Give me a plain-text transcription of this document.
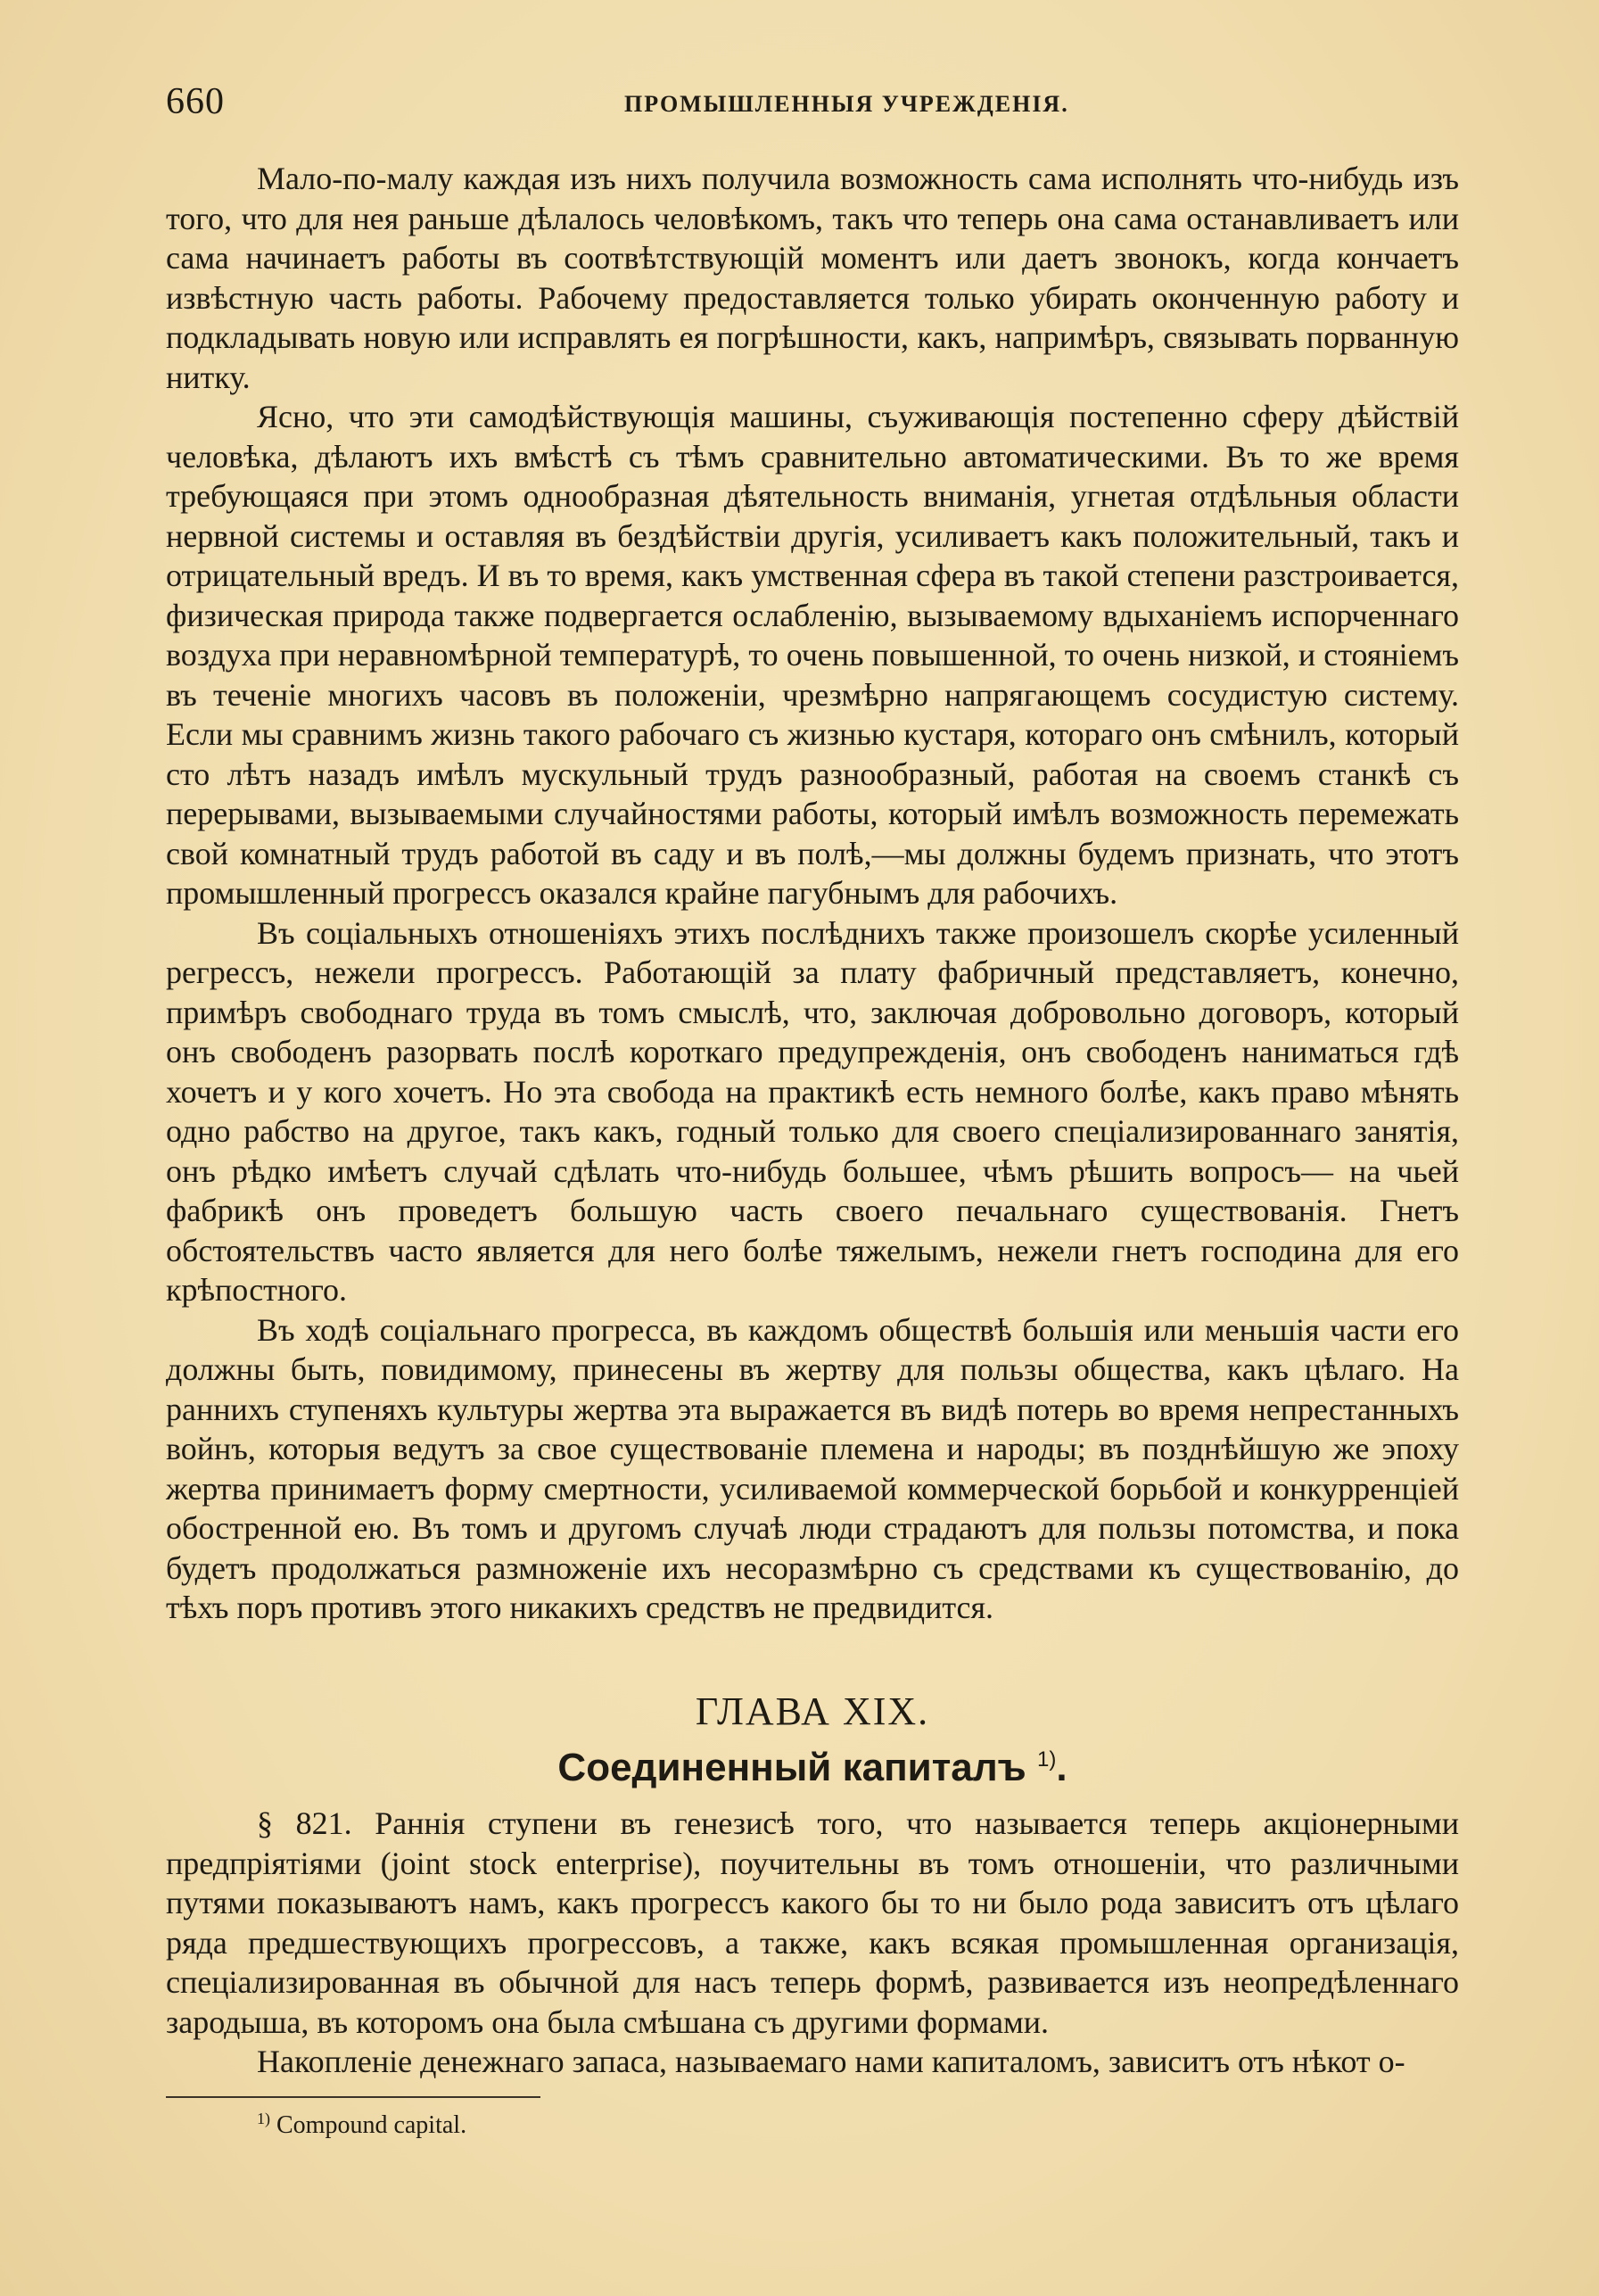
660	ПРОМЫШЛЕННЫЯ УЧРЕЖДЕНІЯ.

Мало-по-малу каждая изъ нихъ получила возможность сама исполнять что-нибудь изъ того, что для нея раньше дѣлалось человѣкомъ, такъ что теперь она сама останавливаетъ или сама начинаетъ работы въ соотвѣтствующій моментъ или даетъ звонокъ, когда кончаетъ извѣстную часть работы. Рабочему предоставляется только убирать оконченную работу и подкладывать новую или исправлять ея погрѣшности, какъ, напримѣръ, связывать порванную нитку.

Ясно, что эти самодѣйствующія машины, съуживающія постепенно сферу дѣйствій человѣка, дѣлаютъ ихъ вмѣстѣ съ тѣмъ сравнительно автоматическими. Въ то же время требующаяся при этомъ однообразная дѣятельность вниманія, угнетая отдѣльныя области нервной системы и оставляя въ бездѣйствіи другія, усиливаетъ какъ положительный, такъ и отрицательный вредъ. И въ то время, какъ умственная сфера въ такой степени разстроивается, физическая природа также подвергается ослабленію, вызываемому вдыханіемъ испорченнаго воздуха при неравномѣрной температурѣ, то очень повышенной, то очень низкой, и стояніемъ въ теченіе многихъ часовъ въ положеніи, чрезмѣрно напрягающемъ сосудистую систему. Если мы сравнимъ жизнь такого рабочаго съ жизнью кустаря, котораго онъ смѣнилъ, который сто лѣтъ назадъ имѣлъ мускульный трудъ разнообразный, работая на своемъ станкѣ съ перерывами, вызываемыми случайностями работы, который имѣлъ возможность перемежать свой комнатный трудъ работой въ саду и въ полѣ,—мы должны будемъ признать, что этотъ промышленный прогрессъ оказался крайне пагубнымъ для рабочихъ.

Въ соціальныхъ отношеніяхъ этихъ послѣднихъ также произошелъ скорѣе усиленный регрессъ, нежели прогрессъ. Работающій за плату фабричный представляетъ, конечно, примѣръ свободнаго труда въ томъ смыслѣ, что, заключая добровольно договоръ, который онъ свободенъ разорвать послѣ короткаго предупрежденія, онъ свободенъ наниматься гдѣ хочетъ и у кого хочетъ. Но эта свобода на практикѣ есть немного болѣе, какъ право мѣнять одно рабство на другое, такъ какъ, годный только для своего спеціализированнаго занятія, онъ рѣдко имѣетъ случай сдѣлать что-нибудь большее, чѣмъ рѣшить вопросъ— на чьей фабрикѣ онъ проведетъ большую часть своего печальнаго существованія. Гнетъ обстоятельствъ часто является для него болѣе тяжелымъ, нежели гнетъ господина для его крѣпостного.

Въ ходѣ соціальнаго прогресса, въ каждомъ обществѣ большія или меньшія части его должны быть, повидимому, принесены въ жертву для пользы общества, какъ цѣлаго. На раннихъ ступеняхъ культуры жертва эта выражается въ видѣ потерь во время непрестанныхъ войнъ, которыя ведутъ за свое существованіе племена и народы; въ позднѣйшую же эпоху жертва принимаетъ форму смертности, усиливаемой коммерческой борьбой и конкурренціей обостренной ею. Въ томъ и другомъ случаѣ люди страдаютъ для пользы потомства, и пока будетъ продолжаться размноженіе ихъ несоразмѣрно съ средствами къ существованію, до тѣхъ поръ противъ этого никакихъ средствъ не предвидится.

ГЛАВА XIX.
Соединенный капиталъ $^{1)}$.

§ 821. Раннія ступени въ генезисѣ того, что называется теперь акціонерными предпріятіями (joint stock enterprise), поучительны въ томъ отношеніи, что различными путями показываютъ намъ, какъ прогрессъ какого бы то ни было рода зависитъ отъ цѣлаго ряда предшествующихъ прогрессовъ, а также, какъ всякая промышленная организація, спеціализированная въ обычной для насъ теперь формѣ, развивается изъ неопредѣленнаго зародыша, въ которомъ она была смѣшана съ другими формами.

Накопленіе денежнаго запаса, называемаго нами капиталомъ, зависитъ отъ нѣкот о-

$^{1)}$ Compound capital.
